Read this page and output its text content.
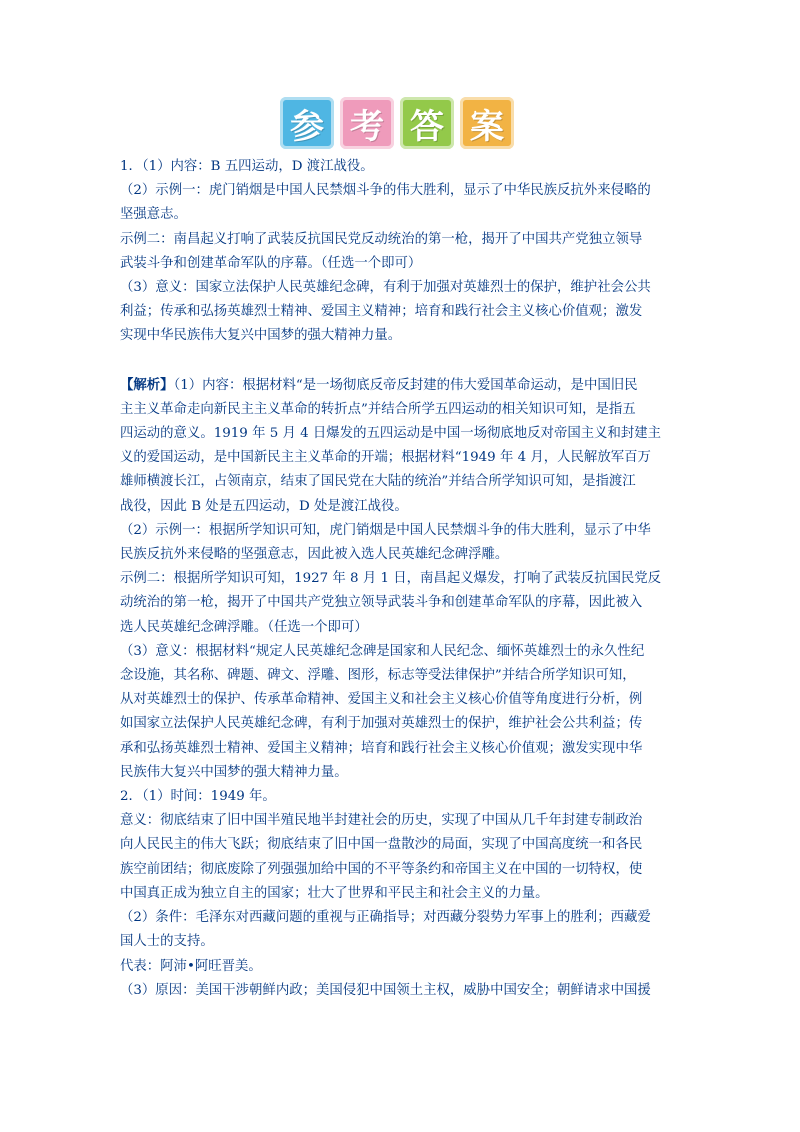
参 考 答 案

1．（1）内容：B 五四运动，D 渡江战役。

（2）示例一：虎门销烟是中国人民禁烟斗争的伟大胜利，显示了中华民族反抗外来侵略的

坚强意志。

示例二：南昌起义打响了武装反抗国民党反动统治的第一枪，揭开了中国共产党独立领导

武装斗争和创建革命军队的序幕。（任选一个即可）

（3）意义：国家立法保护人民英雄纪念碑，有利于加强对英雄烈士的保护，维护社会公共

利益；传承和弘扬英雄烈士精神、爱国主义精神；培育和践行社会主义核心价值观；激发

实现中华民族伟大复兴中国梦的强大精神力量。

【解析】（1）内容：根据材料“是一场彻底反帝反封建的伟大爱国革命运动，是中国旧民

主主义革命走向新民主主义革命的转折点”并结合所学五四运动的相关知识可知，是指五

四运动的意义。1919 年 5 月 4 日爆发的五四运动是中国一场彻底地反对帝国主义和封建主

义的爱国运动，是中国新民主主义革命的开端；根据材料“1949 年 4 月，人民解放军百万

雄师横渡长江，占领南京，结束了国民党在大陆的统治”并结合所学知识可知，是指渡江

战役，因此 B 处是五四运动，D 处是渡江战役。

（2）示例一：根据所学知识可知，虎门销烟是中国人民禁烟斗争的伟大胜利，显示了中华

民族反抗外来侵略的坚强意志，因此被入选人民英雄纪念碑浮雕。

示例二：根据所学知识可知，1927 年 8 月 1 日，南昌起义爆发，打响了武装反抗国民党反

动统治的第一枪，揭开了中国共产党独立领导武装斗争和创建革命军队的序幕，因此被入

选人民英雄纪念碑浮雕。（任选一个即可）

（3）意义：根据材料“规定人民英雄纪念碑是国家和人民纪念、缅怀英雄烈士的永久性纪

念设施，其名称、碑题、碑文、浮雕、图形，标志等受法律保护”并结合所学知识可知，

从对英雄烈士的保护、传承革命精神、爱国主义和社会主义核心价值等角度进行分析，例

如国家立法保护人民英雄纪念碑，有利于加强对英雄烈士的保护，维护社会公共利益；传

承和弘扬英雄烈士精神、爱国主义精神；培育和践行社会主义核心价值观；激发实现中华

民族伟大复兴中国梦的强大精神力量。

2．（1）时间：1949 年。

意义：彻底结束了旧中国半殖民地半封建社会的历史，实现了中国从几千年封建专制政治

向人民民主的伟大飞跃；彻底结束了旧中国一盘散沙的局面，实现了中国高度统一和各民

族空前团结；彻底废除了列强强加给中国的不平等条约和帝国主义在中国的一切特权，使

中国真正成为独立自主的国家；壮大了世界和平民主和社会主义的力量。

（2）条件：毛泽东对西藏问题的重视与正确指导；对西藏分裂势力军事上的胜利；西藏爱

国人士的支持。

代表：阿沛•阿旺晋美。

（3）原因：美国干涉朝鲜内政；美国侵犯中国领土主权，威胁中国安全；朝鲜请求中国援
